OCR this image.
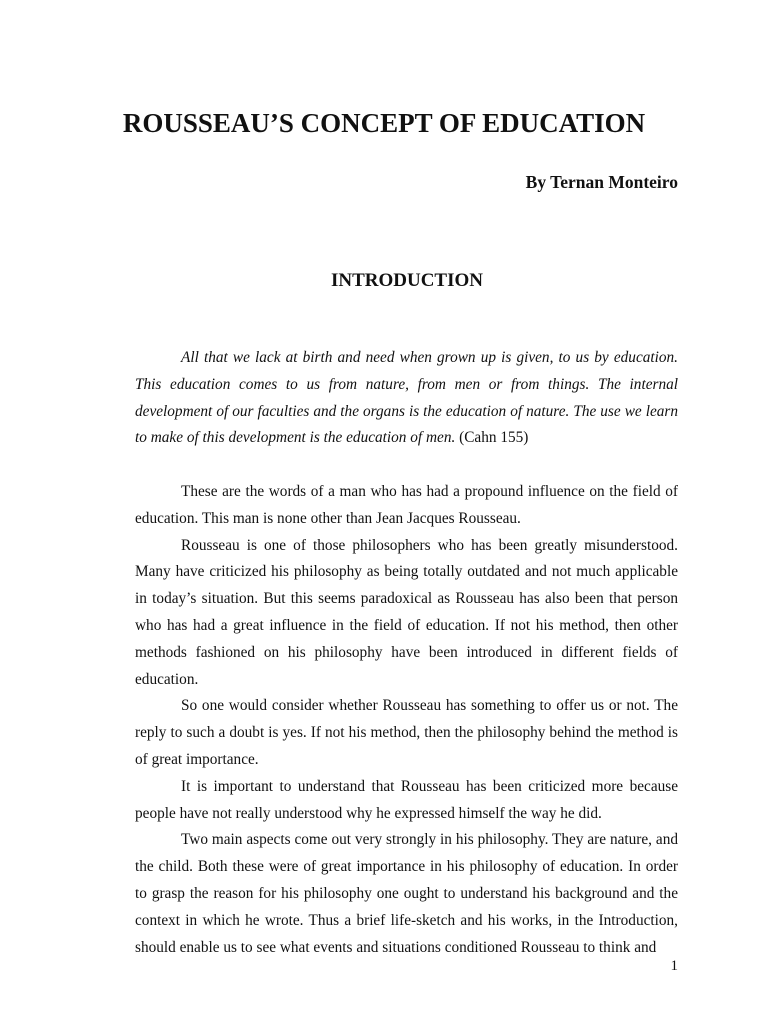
ROUSSEAU’S CONCEPT OF EDUCATION

By Ternan Monteiro

INTRODUCTION

All that we lack at birth and need when grown up is given, to us by education. This education comes to us from nature, from men or from things. The internal development of our faculties and the organs is the education of nature. The use we learn to make of this development is the education of men. (Cahn 155)

These are the words of a man who has had a propound influence on the field of education. This man is none other than Jean Jacques Rousseau.

Rousseau is one of those philosophers who has been greatly misunderstood. Many have criticized his philosophy as being totally outdated and not much applicable in today’s situation. But this seems paradoxical as Rousseau has also been that person who has had a great influence in the field of education. If not his method, then other methods fashioned on his philosophy have been introduced in different fields of education.

So one would consider whether Rousseau has something to offer us or not. The reply to such a doubt is yes. If not his method, then the philosophy behind the method is of great importance.

It is important to understand that Rousseau has been criticized more because people have not really understood why he expressed himself the way he did.

Two main aspects come out very strongly in his philosophy. They are nature, and the child. Both these were of great importance in his philosophy of education. In order to grasp the reason for his philosophy one ought to understand his background and the context in which he wrote. Thus a brief life-sketch and his works, in the Introduction, should enable us to see what events and situations conditioned Rousseau to think and

1
